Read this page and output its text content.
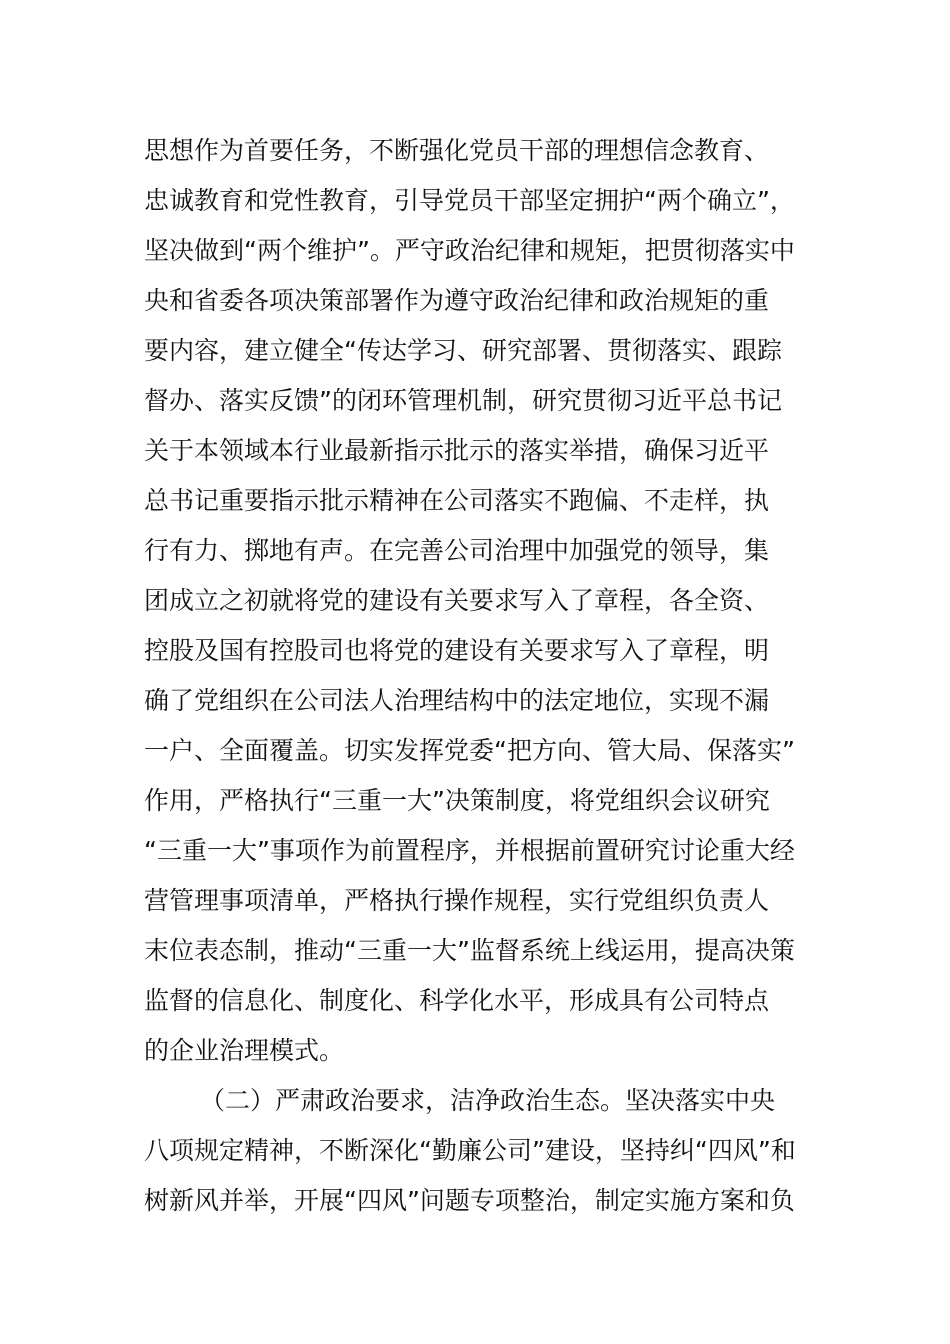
思想作为首要任务，不断强化党员干部的理想信念教育、
忠诚教育和党性教育，引导党员干部坚定拥护“两个确立”，
坚决做到“两个维护”。严守政治纪律和规矩，把贯彻落实中
央和省委各项决策部署作为遵守政治纪律和政治规矩的重
要内容，建立健全“传达学习、研究部署、贯彻落实、跟踪
督办、落实反馈”的闭环管理机制，研究贯彻习近平总书记
关于本领域本行业最新指示批示的落实举措，确保习近平
总书记重要指示批示精神在公司落实不跑偏、不走样，执
行有力、掷地有声。在完善公司治理中加强党的领导，集
团成立之初就将党的建设有关要求写入了章程，各全资、
控股及国有控股司也将党的建设有关要求写入了章程，明
确了党组织在公司法人治理结构中的法定地位，实现不漏
一户、全面覆盖。切实发挥党委“把方向、管大局、保落实”
作用，严格执行“三重一大”决策制度，将党组织会议研究
“三重一大”事项作为前置程序，并根据前置研究讨论重大经
营管理事项清单，严格执行操作规程，实行党组织负责人
末位表态制，推动“三重一大”监督系统上线运用，提高决策
监督的信息化、制度化、科学化水平，形成具有公司特点
的企业治理模式。
（二）严肃政治要求，洁净政治生态。坚决落实中央
八项规定精神，不断深化“勤廉公司”建设，坚持纠“四风”和
树新风并举，开展“四风”问题专项整治，制定实施方案和负
